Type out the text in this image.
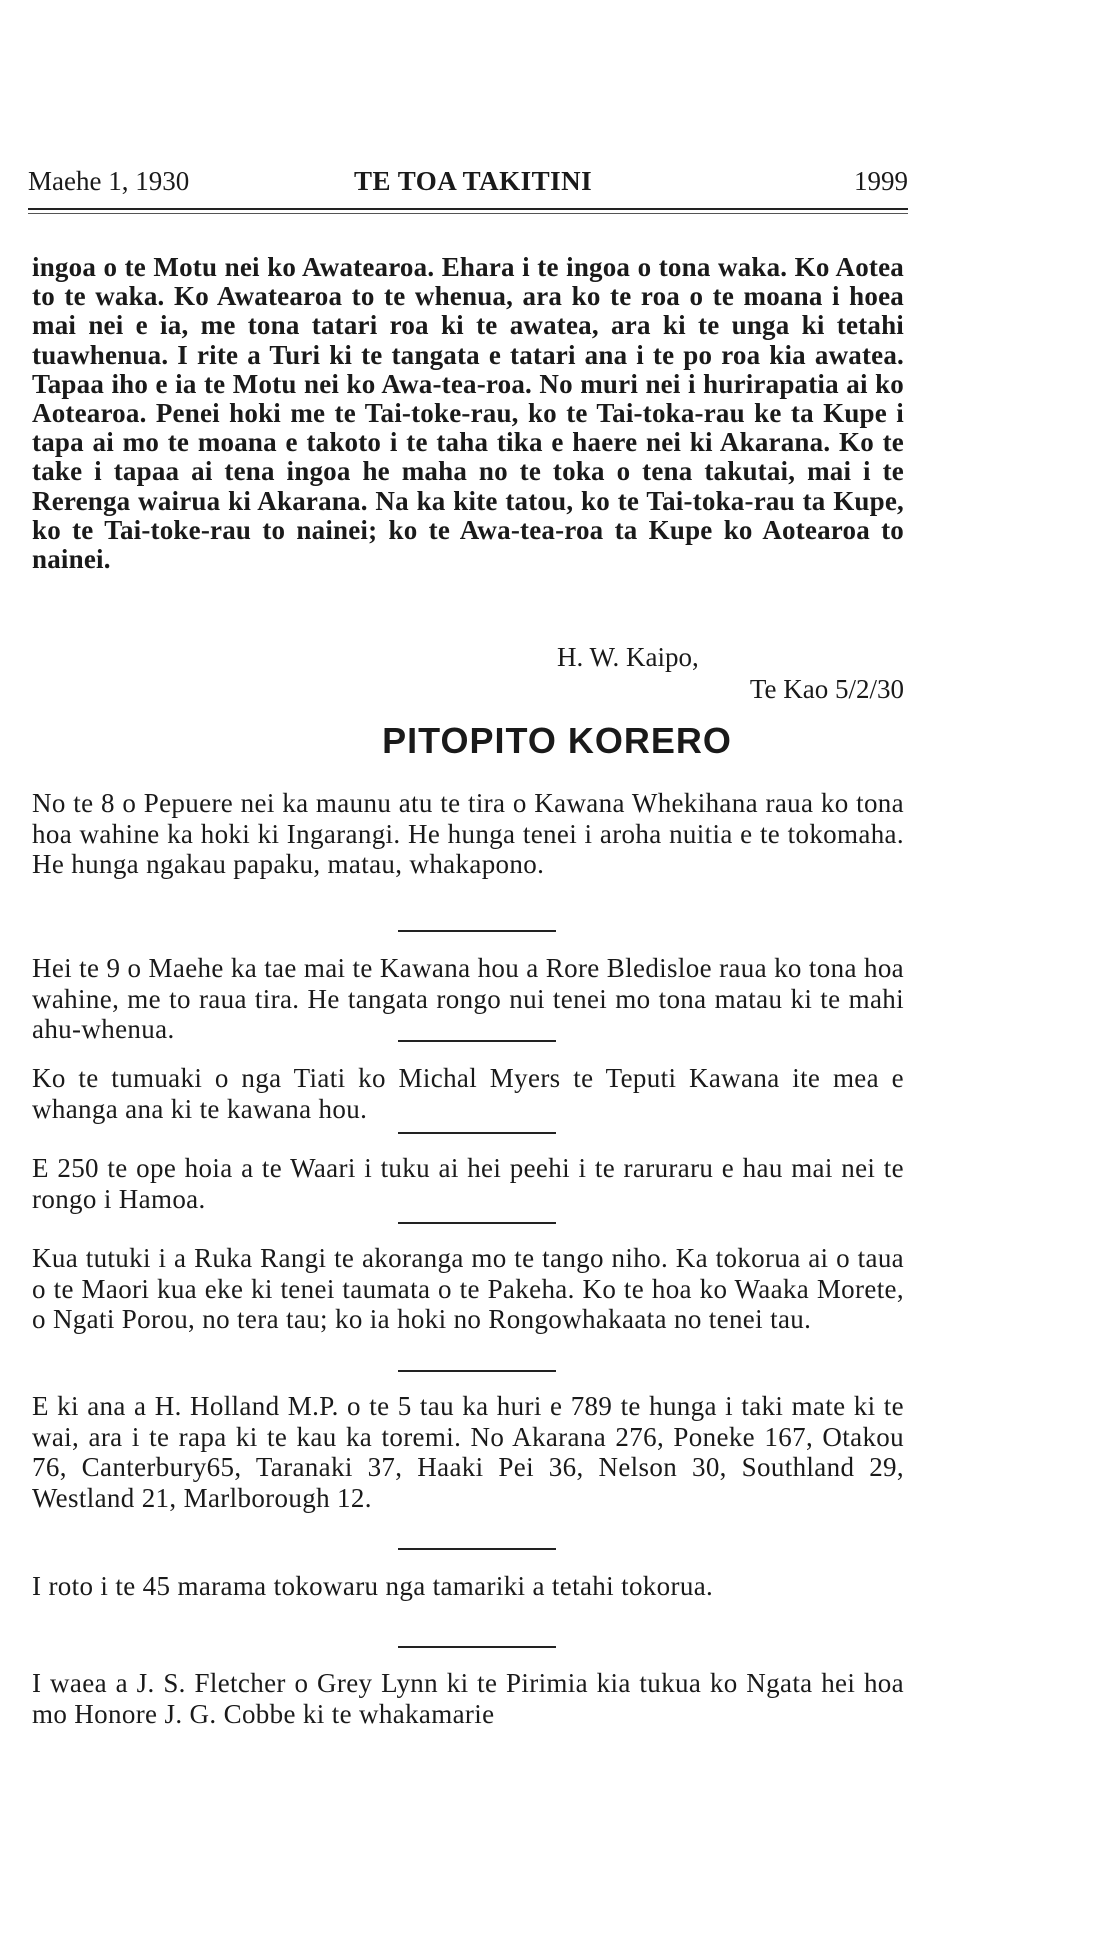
Maehe 1, 1930	TE TOA TAKITINI	1999

ingoa o te Motu nei ko Awatearoa. Ehara i te ingoa o tona waka. Ko Aotea to te waka. Ko Awatearoa to te whenua, ara ko te roa o te moana i hoea mai nei e ia, me tona tatari roa ki te awatea, ara ki te unga ki tetahi tuawhenua. I rite a Turi ki te tangata e tatari ana i te po roa kia awatea. Tapaa iho e ia te Motu nei ko Awa-tea-roa. No muri nei i hurirapatia ai ko Aotearoa. Penei hoki me te Tai-toke-rau, ko te Tai-toka-rau ke ta Kupe i tapa ai mo te moana e takoto i te taha tika e haere nei ki Akarana. Ko te take i tapaa ai tena ingoa he maha no te toka o tena takutai, mai i te Rerenga wairua ki Akarana. Na ka kite tatou, ko te Tai-toka-rau ta Kupe, ko te Tai-toke-rau to nainei; ko te Awa-tea-roa ta Kupe ko Aotearoa to nainei.

H. W. Kaipo,
Te Kao 5/2/30
PITOPITO KORERO

No te 8 o Pepuere nei ka maunu atu te tira o Kawana Whekihana raua ko tona hoa wahine ka hoki ki Ingarangi. He hunga tenei i aroha nuitia e te tokomaha. He hunga ngakau papaku, matau, whakapono.

Hei te 9 o Maehe ka tae mai te Kawana hou a Rore Bledisloe raua ko tona hoa wahine, me to raua tira. He tangata rongo nui tenei mo tona matau ki te mahi ahu-whenua.

Ko te tumuaki o nga Tiati ko Michal Myers te Teputi Kawana ite mea e whanga ana ki te kawana hou.

E 250 te ope hoia a te Waari i tuku ai hei peehi i te raruraru e hau mai nei te rongo i Hamoa.

Kua tutuki i a Ruka Rangi te akoranga mo te tango niho. Ka tokorua ai o taua o te Maori kua eke ki tenei taumata o te Pakeha. Ko te hoa ko Waaka Morete, o Ngati Porou, no tera tau; ko ia hoki no Rongowhakaata no tenei tau.

E ki ana a H. Holland M.P. o te 5 tau ka huri e 789 te hunga i taki mate ki te wai, ara i te rapa ki te kau ka toremi. No Akarana 276, Poneke 167, Otakou 76, Canterbury65, Taranaki 37, Haaki Pei 36, Nelson 30, Southland 29, Westland 21, Marlborough 12.

I roto i te 45 marama tokowaru nga tamariki a tetahi tokorua.

I waea a J. S. Fletcher o Grey Lynn ki te Pirimia kia tukua ko Ngata hei hoa mo Honore J. G. Cobbe ki te whakamarie
